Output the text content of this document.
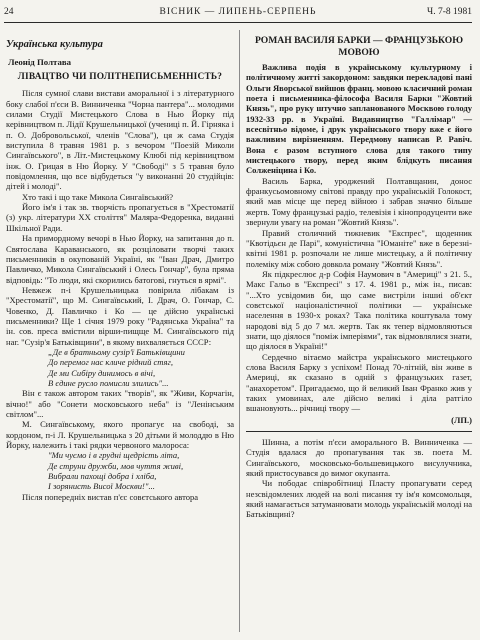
24	ВІСНИК — ЛИПЕНЬ-СЕРПЕНЬ	Ч. 7-8 1981
Українська культура
Леонід Полтава
ЛІВАЦТВО ЧИ ПОЛІТНЕПИСЬМЕННІСТЬ?

Після сумної слави вистави аморальної і з літературного боку слабої п'єси В. Винниченка "Чорна пантера"... молодими силами Студії Мистецького Слова в Нью Йорку під керівництвом п. Лідії Крушельницької (учениці п. Й. Гірняка і п. О. Добровольської, членів "Слова"), ця ж сама Студія виступила 8 травня 1981 р. з вечором "Поезій Миколи Сингаївського", в Літ.-Мистецькому Клюбі під керівництвом інж. О. Грицая в Ню Йорку. У "Свободі" з 5 травня було повідомлення, що все відбудеться "у виконанні 20 студійців: дітей і молоді".

Хто такі і що таке Микола Сингаївський?

Його ім'я і так зв. творчість пропагується в "Хрестоматії (з) укр. літератури XX століття" Маляра-Федоренка, виданні Шкільної Ради.

На примордному вечорі в Нью Йорку, на запитання до п. Святослава Караванського, як розціловати творчі таких письменників в окупованій Україні, як "Іван Драч, Дмитро Павличко, Микола Сингаївський і Олесь Гончар", була пряма відповідь: "То люди, які скорились батогові, гнуться в ярмі".

Невжеж п-і Крушельницька повірила лібакам із "Хрестоматії", що М. Сингаївський, І. Драч, О. Гончар, С. Човенко, Д. Павличко і Ко — це дійсно українські письменники? Ще 1 січня 1979 року "Радянська Україна" та ін. сов. преса вмістили вірши-пищще М. Сингаївського під наг. "Сузір'я Батьківщини", в якому вихваляється СССР:

„Де в братньому сузір'ї Батьківщини
До перемог нас кличе рідний стяг,
Де ми Сибіру динимось в вічі,
В єдине русло помисли злились"...

Він є також автором таких "творів", як "Живи, Корчагін, вічно!" або "Сонети московського неба" із "Ленінським світлом"...

М. Сингаївському, якого пропагує на свободі, за кордоном, п-і Л. Крушельницька з 20 дітьми й молоддю в Ню Йорку, належить і такі рядки червоного малороса:

"Ми чуємо і в грудні щедрість літа,
Де струни дружби, мов чуття живі,
Вибрали пахощі добра і хліба,
І зорянисть Висої Москви!"...

Після попередніх вистав п'єс совєтського автора

РОМАН ВАСИЛЯ БАРКИ — ФРАНЦУЗЬКОЮ
МОВОЮ

Важлива подія в українському культурному і політичному житті закордоном: завдяки перекладові пані Ольги Яворської вийшов франц. мовою класичний роман поета і письменника-філософа Василя Барки "Жовтий Князь", про руку штучно запланованого Москвою голоду 1932-33 рр. в Україні. Видавництво "Галлімар" — всесвітньо відоме, і друк українського твору вже є його важливим вирізненням. Передмову написав Р. Равіч. Вона є разом вступного слова для такого типу мистецького твору, перед яким блідкуть писання Солженіцина і Ко.

Василь Барка, уроджений Полтавщанин, донос франкусьомовному світові правду про українській Голокост, який мав місце ще перед війною і забрав значно більше жертв. Тому французькі радіо, телевізія і кінопродуценти вже звернули увагу на роман "Жовтий Князь".

Правий столичний тижневик "Експрес", щоденник "Квотідьєн де Парі", комуністична "Юманіте" вже в березні-квітні 1981 р. розпочали не лише мистецьку, а й політичну полеміку між собою довкола роману "Жовтий Князь".

Як підкреслює д-р Софія Наумович в "Америці" з 21. 5., Макс Гальо в "Експресі" з 17. 4. 1981 р., між ін., писав: "...Хто усвідомив би, що саме вистріли іншиі об'єкт совєтської націоналістичної політики — українське населення в 1930-х роках? Така політика коштувала тому народові від 5 до 7 мл. жертв. Так як тепер відмовляються знати, що діялося "поміж імперіями", так відмовлялися знати, що діялося в Україні!"

Сердечно вітаємо майстра українського мистецького слова Василя Барку з успіхом! Понад 70-літній, він живе в Америці, як сказано в одній з французьких газет, "анахоретом". Пригадаємо, що й великий Іван Франко жив у таких умовинах, але дійсно великі і діла ратгіло вшановують... річниці твору —

(ЛП.)

Шинна, а потім п'єси аморального В. Винниченка — Студія вдалася до пропагування так зв. поета М. Сингаївського, московсько-большевицького висулучника, який пристосувався до вимог окупанта.

Чи пободає співробітниці Пласту пропагувати серед незсвідомлених людей на волі писання ту ім'я комсомольця, який намагається затуманювати молодь українській молоді на Батьківщині?
